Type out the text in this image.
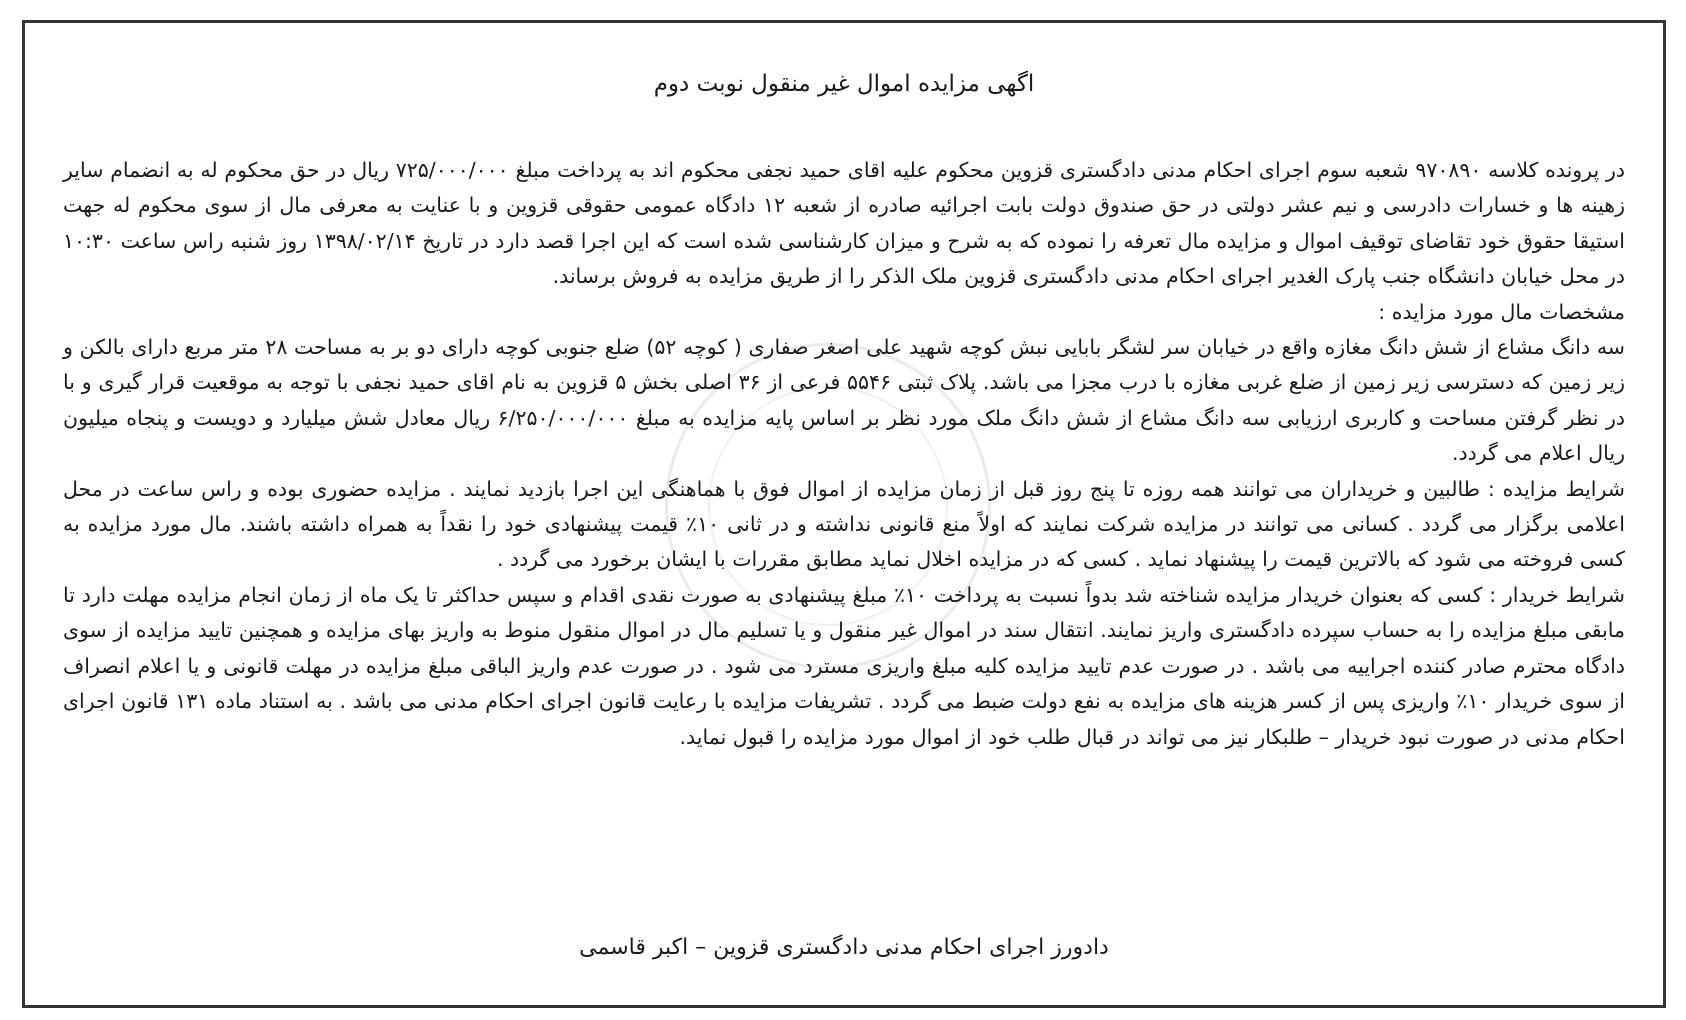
اگهی مزایده اموال غیر منقول نوبت دوم

در پرونده کلاسه ۹۷۰۸۹۰ شعبه سوم اجرای احکام مدنی دادگستری قزوین محکوم علیه اقای حمید نجفی محکوم اند به پرداخت مبلغ ۷۲۵/۰۰۰/۰۰۰ ریال در حق محکوم له به انضمام سایر زهینه ها و خسارات دادرسی و نیم عشر دولتی در حق صندوق دولت بابت اجرائیه صادره از شعبه ۱۲ دادگاه عمومی حقوقی قزوین و با عنایت به معرفی مال از سوی محکوم له جهت استیقا حقوق خود تقاضای توقیف اموال و مزایده مال تعرفه را نموده که به شرح و میزان کارشناسی شده است که این اجرا قصد دارد در تاریخ ۱۳۹۸/۰۲/۱۴ روز شنبه راس ساعت ۱۰:۳۰ در محل خیابان دانشگاه جنب پارک الغدیر اجرای احکام مدنی دادگستری قزوین ملک الذکر را از طریق مزایده به فروش برساند.

مشخصات مال مورد مزایده :

سه دانگ مشاع از شش دانگ مغازه واقع در خیابان سر لشگر بابایی نبش کوچه شهید علی اصغر صفاری ( کوچه ۵۲) ضلع جنوبی کوچه دارای دو بر به مساحت ۲۸ متر مربع دارای بالکن و زیر زمین که دسترسی زیر زمین از ضلع غربی مغازه با درب مجزا می باشد. پلاک ثبتی ۵۵۴۶ فرعی از ۳۶ اصلی بخش ۵ قزوین به نام اقای حمید نجفی با توجه به موقعیت قرار گیری و با در نظر گرفتن مساحت و کاربری ارزیابی سه دانگ مشاع از شش دانگ ملک مورد نظر بر اساس پایه مزایده به مبلغ ۶/۲۵۰/۰۰۰/۰۰۰ ریال معادل شش میلیارد و دویست و پنجاه میلیون ریال اعلام می گردد.

شرایط مزایده : طالبین و خریداران می توانند همه روزه تا پنج روز قبل از زمان مزایده از اموال فوق با هماهنگی این اجرا بازدید نمایند . مزایده حضوری بوده و راس ساعت در محل اعلامی برگزار می گردد . کسانی می توانند در مزایده شرکت نمایند که اولاً منع قانونی نداشته و در ثانی ۱۰٪ قیمت پیشنهادی خود را نقداً به همراه داشته باشند. مال مورد مزایده به کسی فروخته می شود که بالاترین قیمت را پیشنهاد نماید . کسی که در مزایده اخلال نماید مطابق مقررات با ایشان برخورد می گردد .

شرایط خریدار : کسی که بعنوان خریدار مزایده شناخته شد بدواً نسبت به پرداخت ۱۰٪ مبلغ پیشنهادی به صورت نقدی اقدام و سپس حداکثر تا یک ماه از زمان انجام مزایده مهلت دارد تا مابقی مبلغ مزایده را به حساب سپرده دادگستری واریز نمایند. انتقال سند در اموال غیر منقول و یا تسلیم مال در اموال منقول منوط به واریز بهای مزایده و همچنین تایید مزایده از سوی دادگاه محترم صادر کننده اجراییه می باشد . در صورت عدم تایید مزایده کلیه مبلغ واریزی مسترد می شود . در صورت عدم واریز الباقی مبلغ مزایده در مهلت قانونی و یا اعلام انصراف از سوی خریدار ۱۰٪ واریزی پس از کسر هزینه های مزایده به نفع دولت ضبط می گردد . تشریفات مزایده با رعایت قانون اجرای احکام مدنی می باشد . به استناد ماده ۱۳۱ قانون اجرای احکام مدنی در صورت نبود خریدار – طلبکار نیز می تواند در قبال طلب خود از اموال مورد مزایده را قبول نماید.

دادورز اجرای احکام مدنی دادگستری قزوین – اکبر قاسمی
